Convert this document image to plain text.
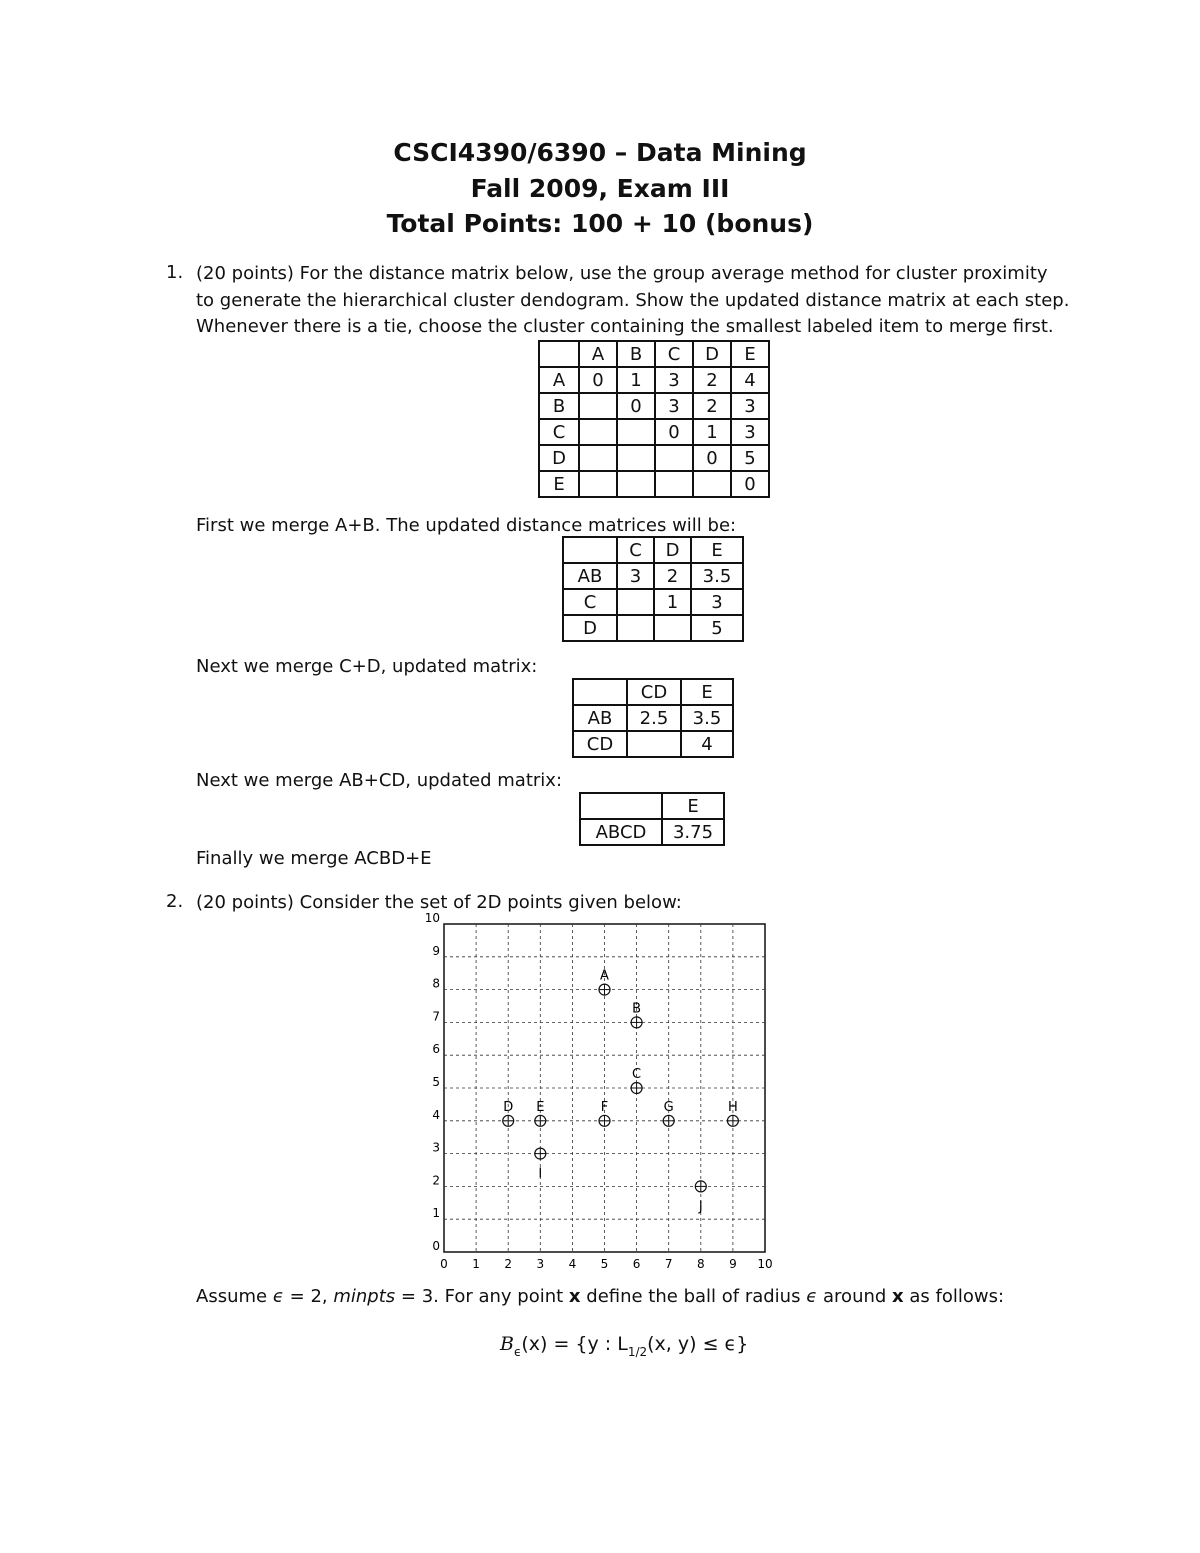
CSCI4390/6390 – Data Mining
Fall 2009, Exam III
Total Points: 100 + 10 (bonus)
1. (20 points) For the distance matrix below, use the group average method for cluster proximity
to generate the hierarchical cluster dendogram. Show the updated distance matrix at each step.
Whenever there is a tie, choose the cluster containing the smallest labeled item to merge first.
	A	B	C	D	E
A	0	1	3	2	4
B		0	3	2	3
C			0	1	3
D				0	5
E					0
First we merge A+B. The updated distance matrices will be:
	C	D	E
AB	3	2	3.5
C		1	3
D			5
Next we merge C+D, updated matrix:
	CD	E
AB	2.5	3.5
CD		4
Next we merge AB+CD, updated matrix:
	E
ABCD	3.75
Finally we merge ACBD+E
2. (20 points) Consider the set of 2D points given below:
0 1 2 3 4 5 6 7 8 9 10
0
1
2
3
4
5
6
7
8
9
10
A
B
C
D E	F	G	H
I
J
Assume ϵ = 2, minpts = 3. For any point x define the ball of radius ϵ around x as follows:
$B_\epsilon(x) = \{y$ : $L_{1/2}(x$, y) ≤ ϵ}
